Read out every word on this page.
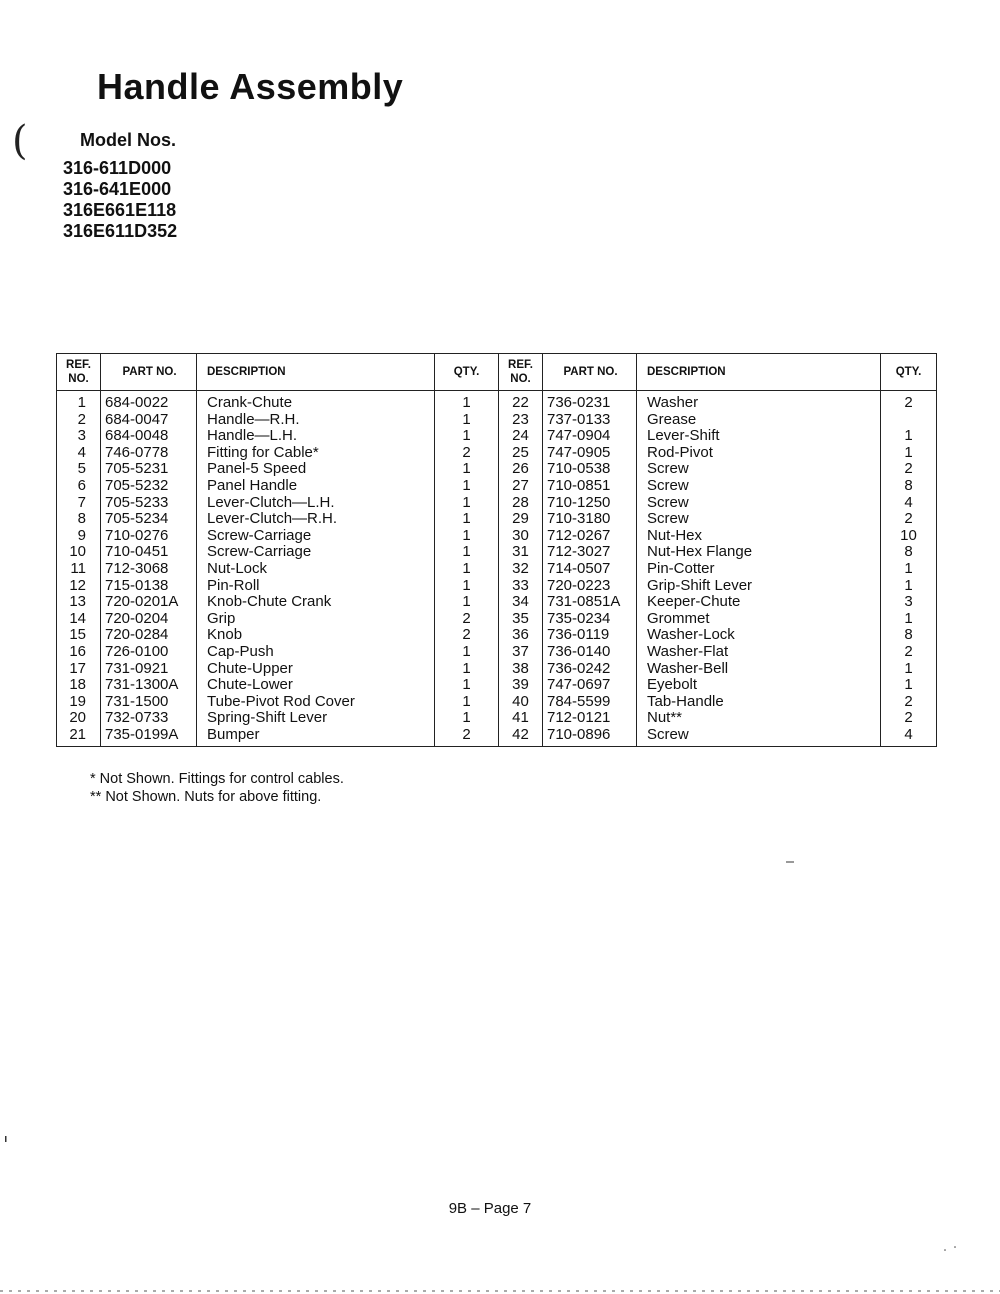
(
Handle Assembly
Model Nos.
316-611D000
316-641E000
316E661E118
316E611D352
REF. NO.	PART NO.	DESCRIPTION	QTY.	REF. NO.	PART NO.	DESCRIPTION	QTY.
1	684-0022	Crank-Chute	1	22	736-0231	Washer	2
2	684-0047	Handle—R.H.	1	23	737-0133	Grease	
3	684-0048	Handle—L.H.	1	24	747-0904	Lever-Shift	1
4	746-0778	Fitting for Cable*	2	25	747-0905	Rod-Pivot	1
5	705-5231	Panel-5 Speed	1	26	710-0538	Screw	2
6	705-5232	Panel Handle	1	27	710-0851	Screw	8
7	705-5233	Lever-Clutch—L.H.	1	28	710-1250	Screw	4
8	705-5234	Lever-Clutch—R.H.	1	29	710-3180	Screw	2
9	710-0276	Screw-Carriage	1	30	712-0267	Nut-Hex	10
10	710-0451	Screw-Carriage	1	31	712-3027	Nut-Hex Flange	8
11	712-3068	Nut-Lock	1	32	714-0507	Pin-Cotter	1
12	715-0138	Pin-Roll	1	33	720-0223	Grip-Shift Lever	1
13	720-0201A	Knob-Chute Crank	1	34	731-0851A	Keeper-Chute	3
14	720-0204	Grip	2	35	735-0234	Grommet	1
15	720-0284	Knob	2	36	736-0119	Washer-Lock	8
16	726-0100	Cap-Push	1	37	736-0140	Washer-Flat	2
17	731-0921	Chute-Upper	1	38	736-0242	Washer-Bell	1
18	731-1300A	Chute-Lower	1	39	747-0697	Eyebolt	1
19	731-1500	Tube-Pivot Rod Cover	1	40	784-5599	Tab-Handle	2
20	732-0733	Spring-Shift Lever	1	41	712-0121	Nut**	2
21	735-0199A	Bumper	2	42	710-0896	Screw	4
* Not Shown. Fittings for control cables.
** Not Shown. Nuts for above fitting.
9B – Page 7
